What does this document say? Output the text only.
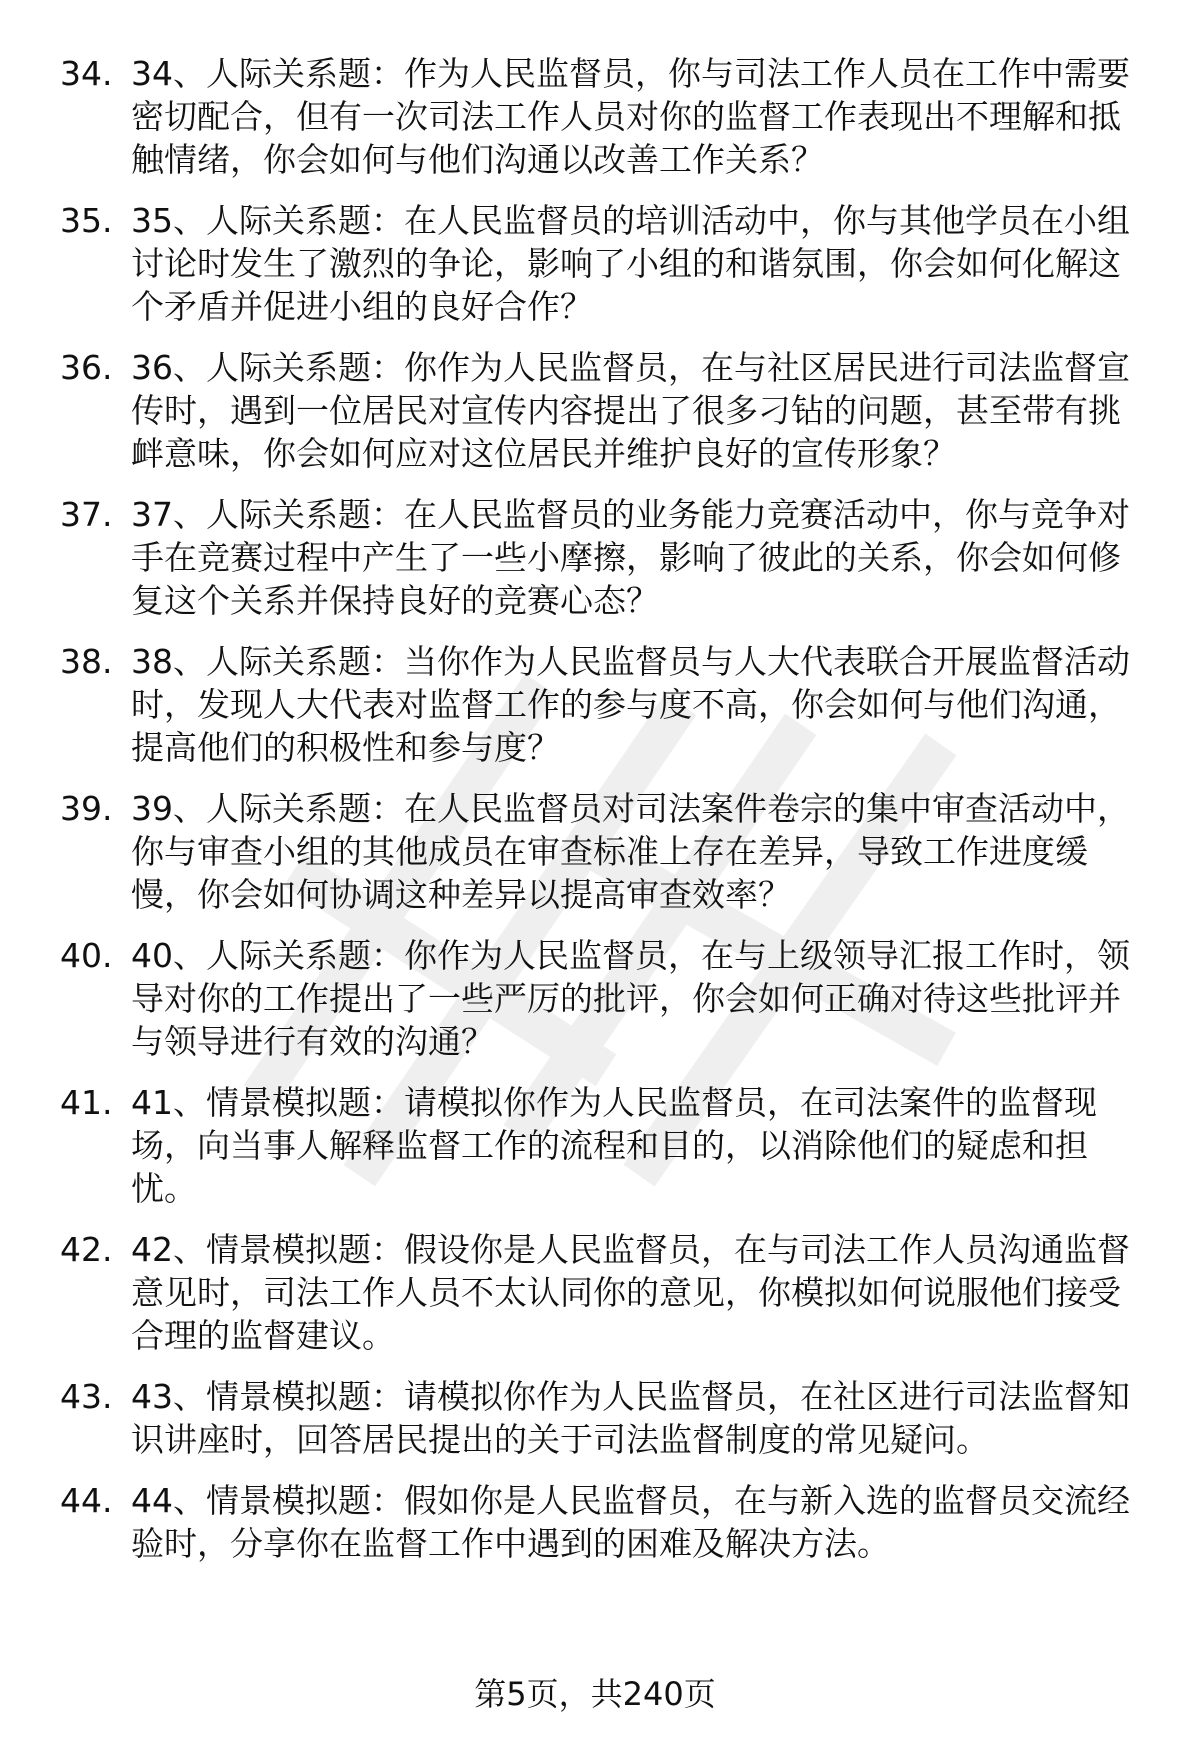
34. 34、人际关系题：作为人民监督员，你与司法工作人员在工作中需要密切配合，但有一次司法工作人员对你的监督工作表现出不理解和抵触情绪，你会如何与他们沟通以改善工作关系？

35. 35、人际关系题：在人民监督员的培训活动中，你与其他学员在小组讨论时发生了激烈的争论，影响了小组的和谐氛围，你会如何化解这个矛盾并促进小组的良好合作？

36. 36、人际关系题：你作为人民监督员，在与社区居民进行司法监督宣传时，遇到一位居民对宣传内容提出了很多刁钻的问题，甚至带有挑衅意味，你会如何应对这位居民并维护良好的宣传形象？

37. 37、人际关系题：在人民监督员的业务能力竞赛活动中，你与竞争对手在竞赛过程中产生了一些小摩擦，影响了彼此的关系，你会如何修复这个关系并保持良好的竞赛心态？

38. 38、人际关系题：当你作为人民监督员与人大代表联合开展监督活动时，发现人大代表对监督工作的参与度不高，你会如何与他们沟通，提高他们的积极性和参与度？

39. 39、人际关系题：在人民监督员对司法案件卷宗的集中审查活动中，你与审查小组的其他成员在审查标准上存在差异，导致工作进度缓慢，你会如何协调这种差异以提高审查效率？

40. 40、人际关系题：你作为人民监督员，在与上级领导汇报工作时，领导对你的工作提出了一些严厉的批评，你会如何正确对待这些批评并与领导进行有效的沟通？

41. 41、情景模拟题：请模拟你作为人民监督员，在司法案件的监督现场，向当事人解释监督工作的流程和目的，以消除他们的疑虑和担忧。

42. 42、情景模拟题：假设你是人民监督员，在与司法工作人员沟通监督意见时，司法工作人员不太认同你的意见，你模拟如何说服他们接受合理的监督建议。

43. 43、情景模拟题：请模拟你作为人民监督员，在社区进行司法监督知识讲座时，回答居民提出的关于司法监督制度的常见疑问。

44. 44、情景模拟题：假如你是人民监督员，在与新入选的监督员交流经验时，分享你在监督工作中遇到的困难及解决方法。

第5页，共240页
